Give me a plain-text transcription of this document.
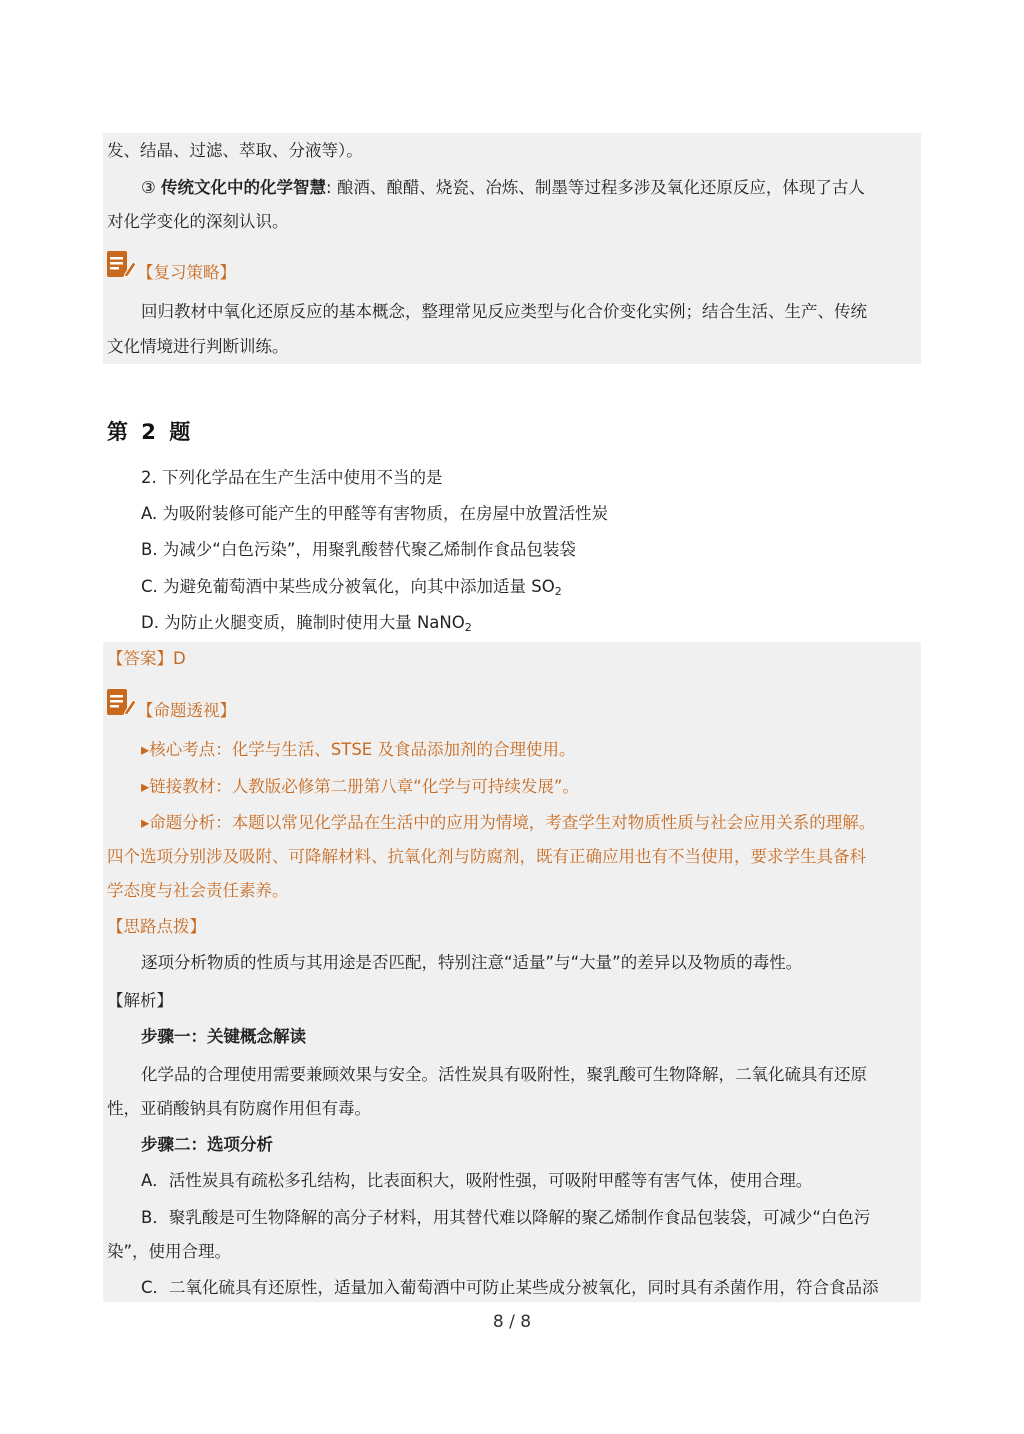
发、结晶、过滤、萃取、分液等）。
③ 传统文化中的化学智慧: 酿酒、酿醋、烧瓷、冶炼、制墨等过程多涉及氧化还原反应，体现了古人
对化学变化的深刻认识。
【复习策略】
回归教材中氧化还原反应的基本概念，整理常见反应类型与化合价变化实例；结合生活、生产、传统
文化情境进行判断训练。
第 2 题
2. 下列化学品在生产生活中使用不当的是
A. 为吸附装修可能产生的甲醛等有害物质，在房屋中放置活性炭
B. 为减少“白色污染”，用聚乳酸替代聚乙烯制作食品包装袋
C. 为避免葡萄酒中某些成分被氧化，向其中添加适量 $SO_2$
D. 为防止火腿变质，腌制时使用大量 NaNO$_2$
【答案】D
【命题透视】
▸核心考点：化学与生活、STSE 及食品添加剂的合理使用。
▸链接教材：人教版必修第二册第八章“化学与可持续发展”。
▸命题分析：本题以常见化学品在生活中的应用为情境，考查学生对物质性质与社会应用关系的理解。
四个选项分别涉及吸附、可降解材料、抗氧化剂与防腐剂，既有正确应用也有不当使用，要求学生具备科
学态度与社会责任素养。
【思路点拨】
逐项分析物质的性质与其用途是否匹配，特别注意“适量”与“大量”的差异以及物质的毒性。
【解析】
步骤一：关键概念解读
化学品的合理使用需要兼顾效果与安全。活性炭具有吸附性，聚乳酸可生物降解，二氧化硫具有还原
性，亚硝酸钠具有防腐作用但有毒。
步骤二：选项分析
A．活性炭具有疏松多孔结构，比表面积大，吸附性强，可吸附甲醛等有害气体，使用合理。
B．聚乳酸是可生物降解的高分子材料，用其替代难以降解的聚乙烯制作食品包装袋，可减少“白色污
染”，使用合理。
C．二氧化硫具有还原性，适量加入葡萄酒中可防止某些成分被氧化，同时具有杀菌作用，符合食品添
8 / 8
